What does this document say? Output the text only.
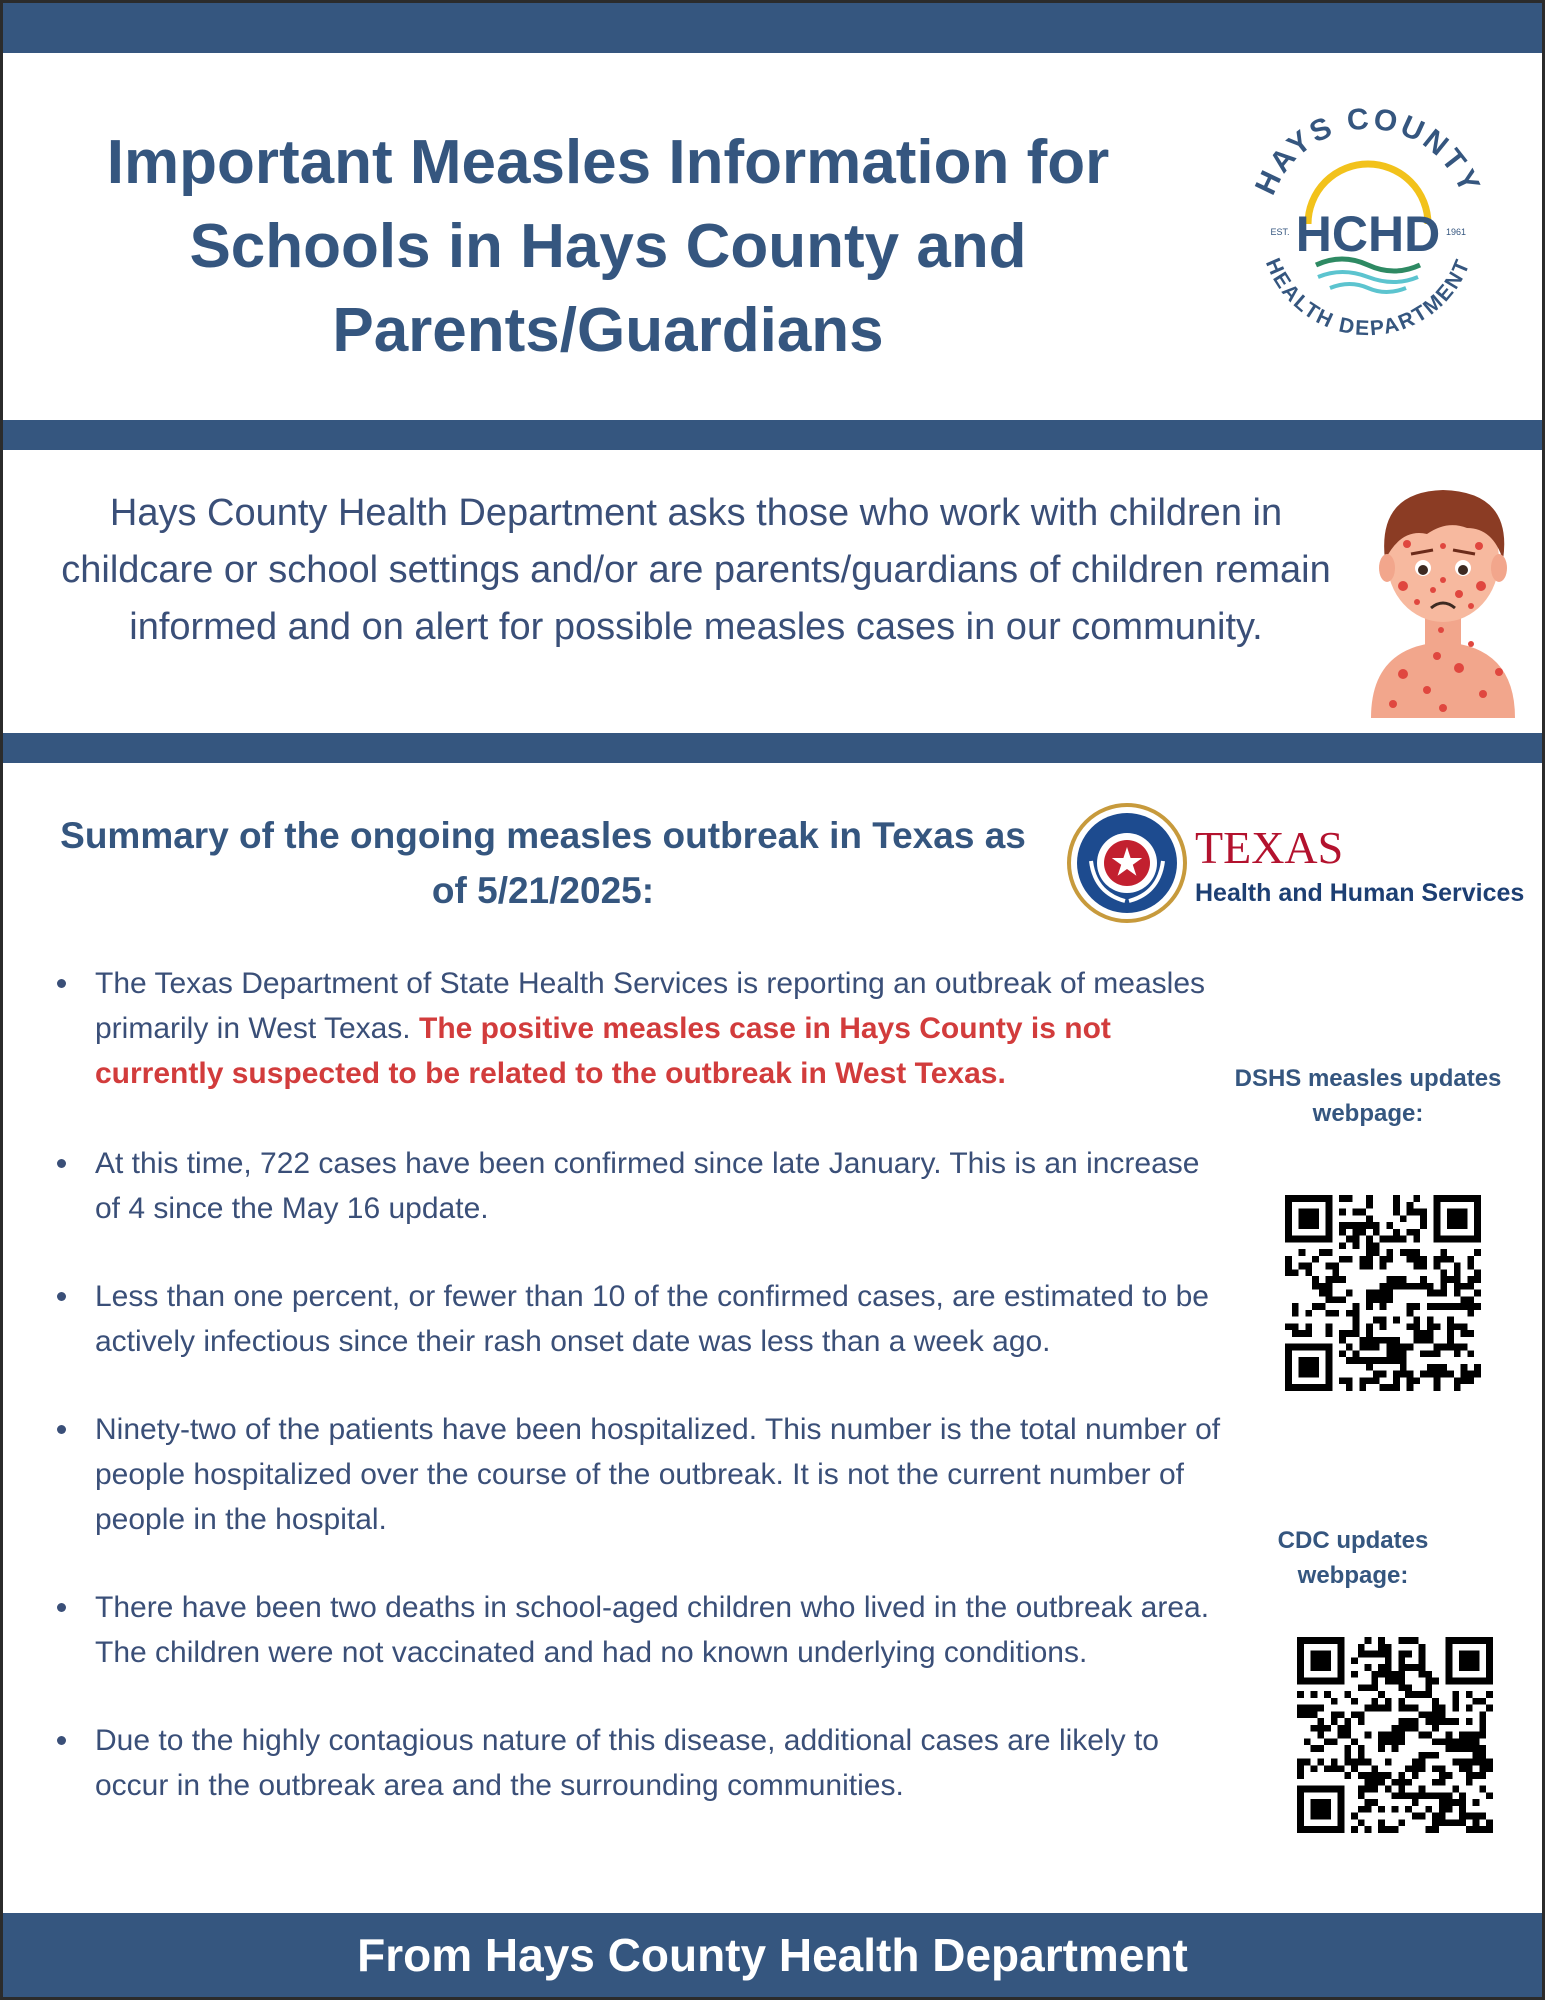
Important Measles Information for Schools in Hays County and Parents/Guardians
HAYS COUNTY
HCHD
EST.	1961
HEALTH DEPARTMENT

Hays County Health Department asks those who work with children in childcare or school settings and/or are parents/guardians of children remain informed and on alert for possible measles cases in our community.

Summary of the ongoing measles outbreak in Texas as of 5/21/2025:
TEXAS
Health and Human Services
The Texas Department of State Health Services is reporting an outbreak of measles primarily in West Texas. The positive measles case in Hays County is not currently suspected to be related to the outbreak in West Texas.
At this time, 722 cases have been confirmed since late January. This is an increase of 4 since the May 16 update.
Less than one percent, or fewer than 10 of the confirmed cases, are estimated to be actively infectious since their rash onset date was less than a week ago.
Ninety-two of the patients have been hospitalized. This number is the total number of people hospitalized over the course of the outbreak. It is not the current number of people in the hospital.
There have been two deaths in school-aged children who lived in the outbreak area. The children were not vaccinated and had no known underlying conditions.
Due to the highly contagious nature of this disease, additional cases are likely to occur in the outbreak area and the surrounding communities.

DSHS measles updates webpage:

CDC updates webpage:

From Hays County Health Department
